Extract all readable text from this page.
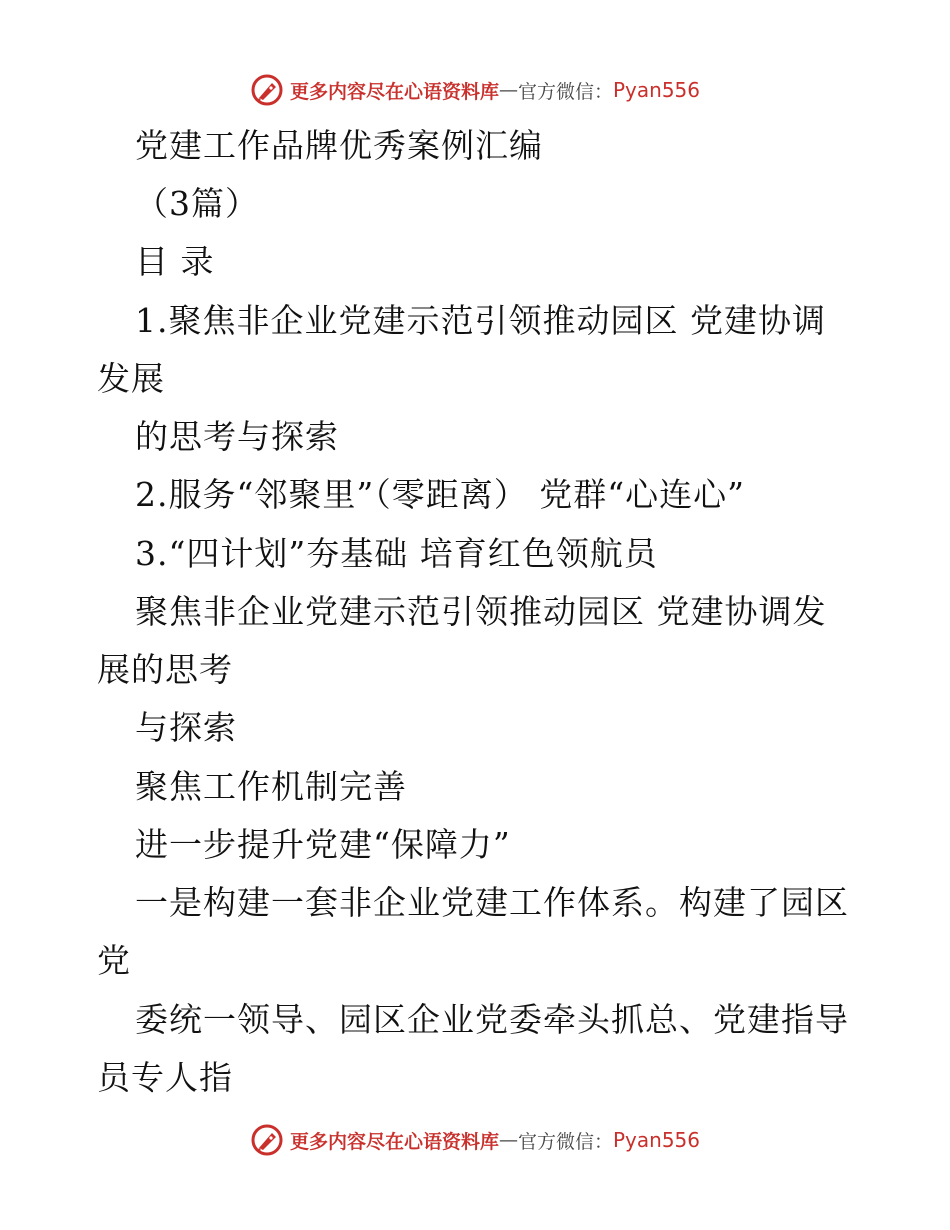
更多内容尽在心语资料库 — 官方微信： Pyan556
党建工作品牌优秀案例汇编
（3篇）
目 录
1.聚焦非企业党建示范引领推动园区 党建协调
发展
的思考与探索
2.服务“邻聚里”（零距离） 党群“心连心”
3.“四计划”夯基础 培育红色领航员
聚焦非企业党建示范引领推动园区 党建协调发
展的思考
与探索
聚焦工作机制完善
进一步提升党建“保障力”
一是构建一套非企业党建工作体系。构建了园区
党
委统一领导、园区企业党委牵头抓总、党建指导
员专人指
更多内容尽在心语资料库 — 官方微信： Pyan556
